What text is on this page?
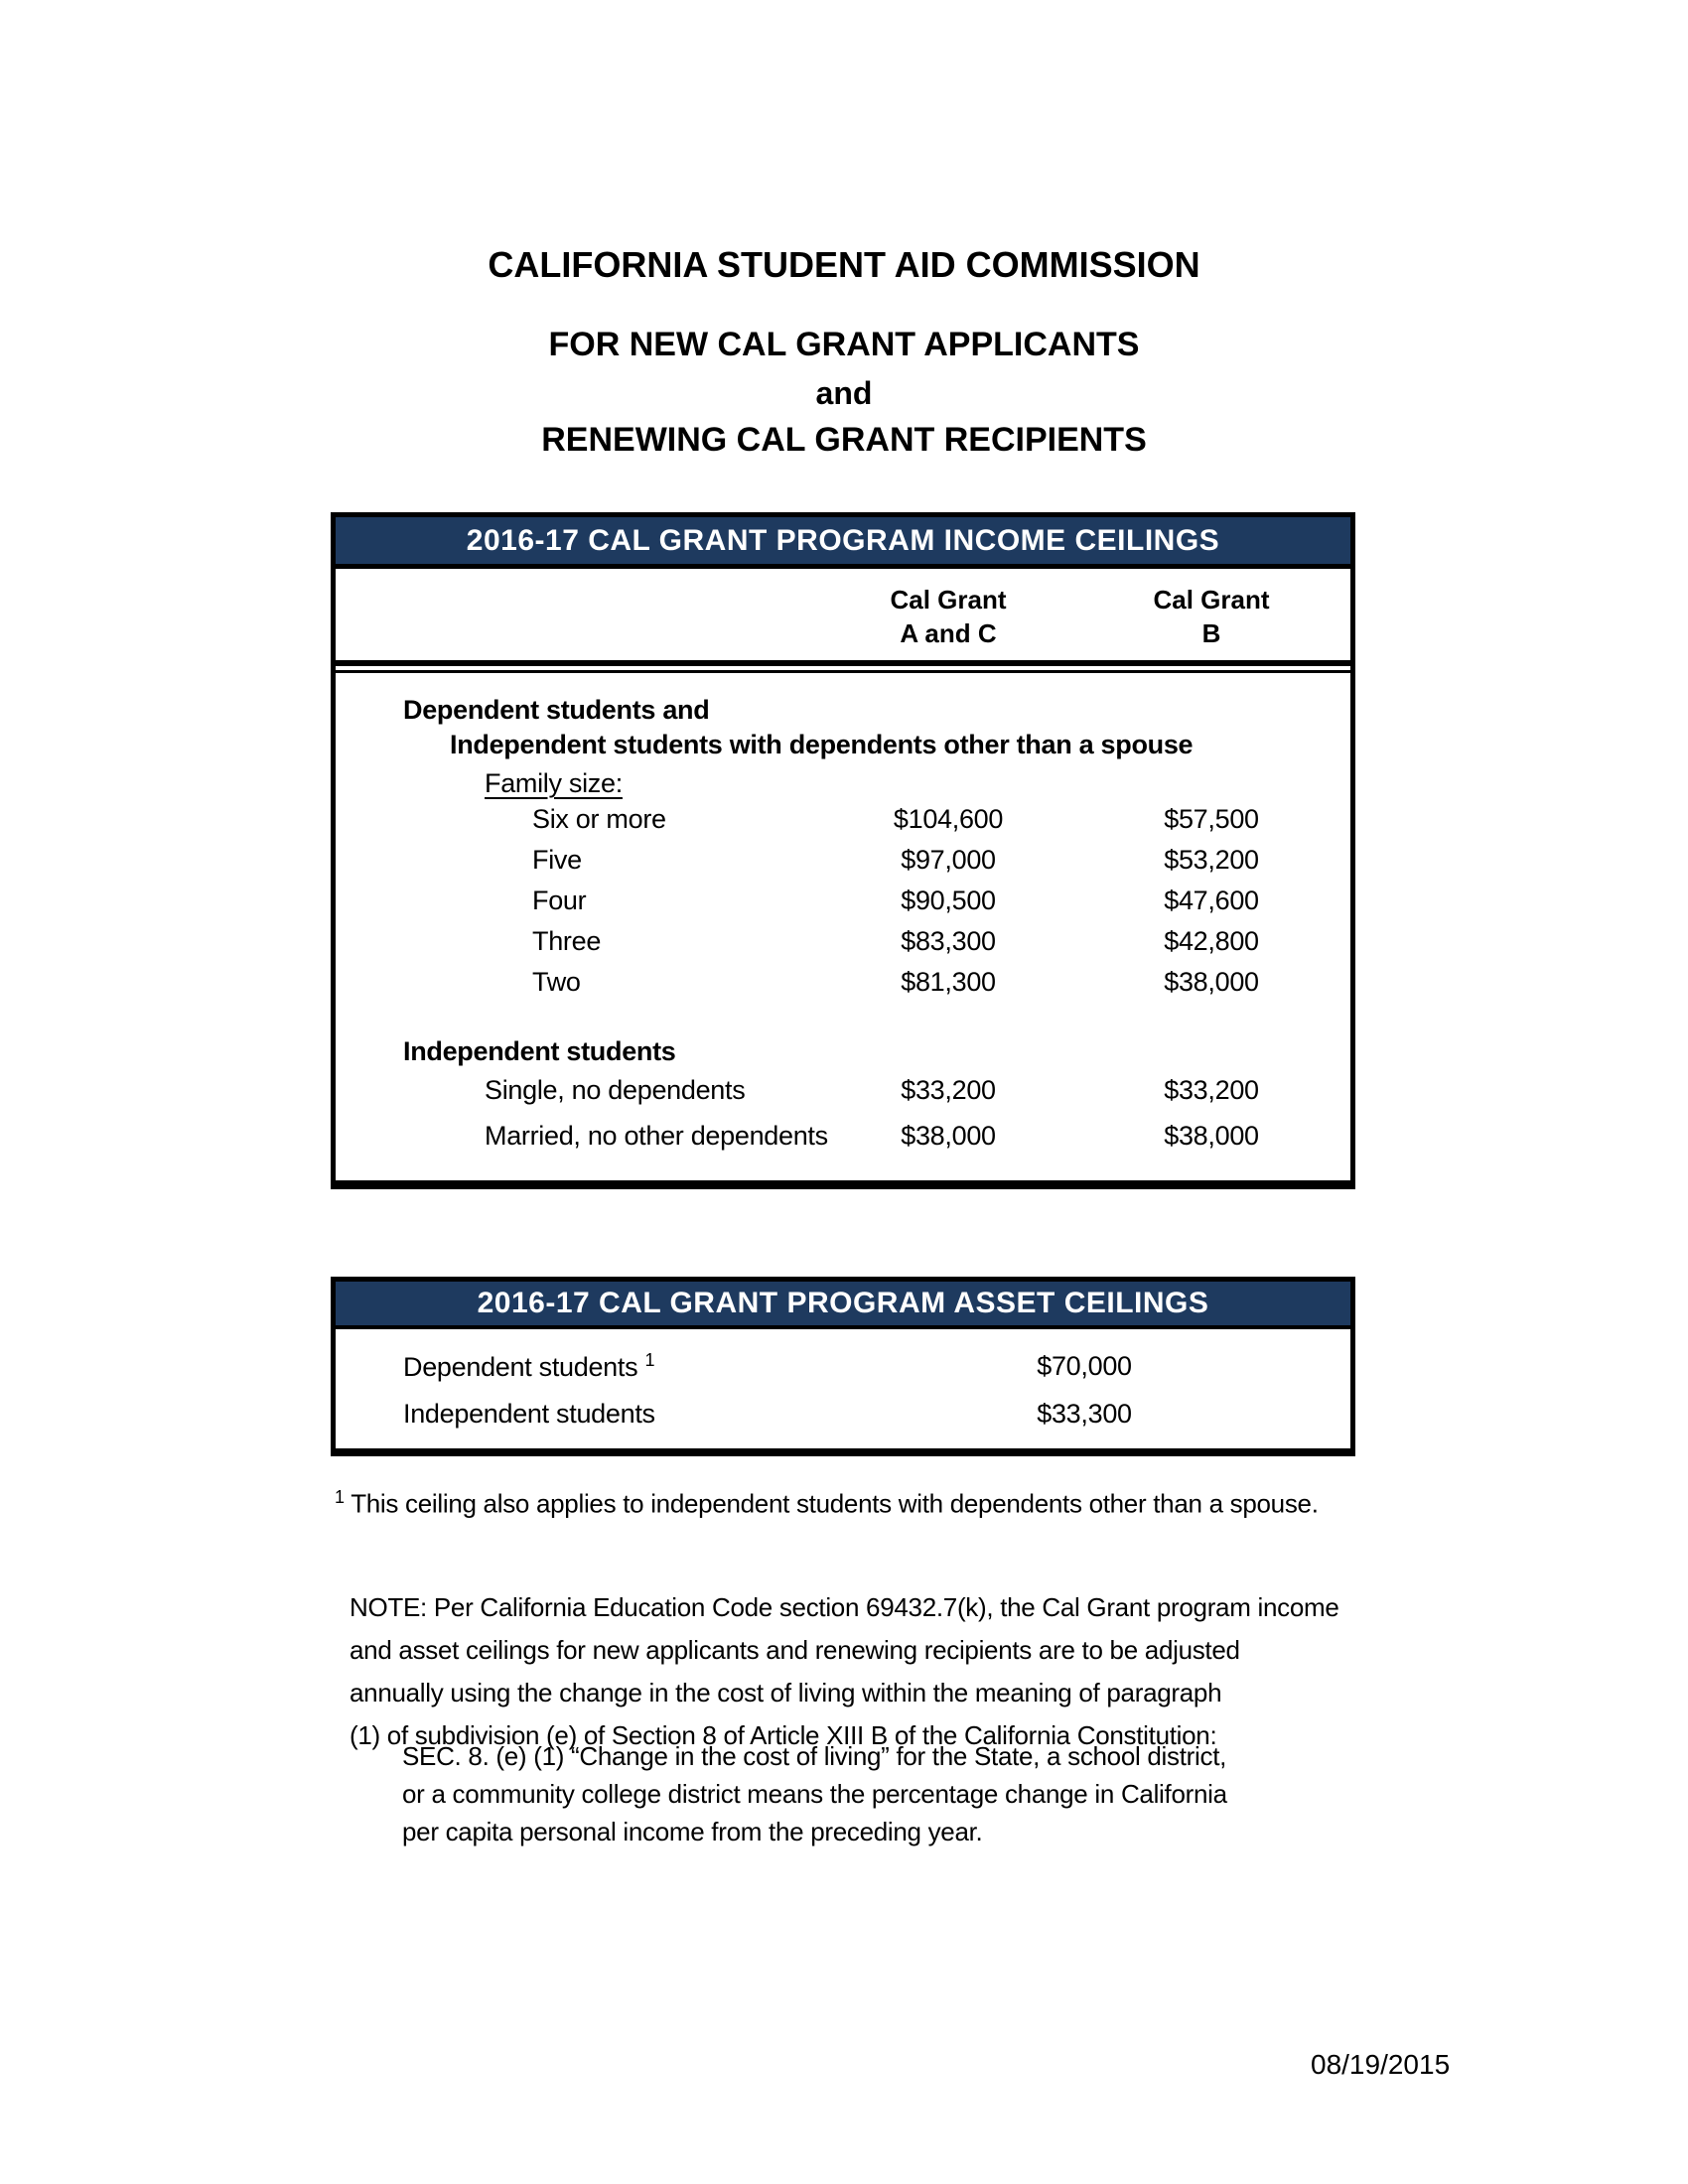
CALIFORNIA STUDENT AID COMMISSION
FOR NEW CAL GRANT APPLICANTS
and
RENEWING CAL GRANT RECIPIENTS
2016-17 CAL GRANT PROGRAM INCOME CEILINGS
Cal Grant
A and C
Cal Grant
B
Dependent students and
Independent students with dependents other than a spouse
Family size:
Six or more	$104,600	$57,500
Five	$97,000	$53,200
Four	$90,500	$47,600
Three	$83,300	$42,800
Two	$81,300	$38,000
Independent students
Single, no dependents	$33,200	$33,200
Married, no other dependents	$38,000	$38,000
2016-17 CAL GRANT PROGRAM ASSET CEILINGS
Dependent students $^1$	$70,000
Independent students	$33,300
$^1$ This ceiling also applies to independent students with dependents other than a spouse.
NOTE: Per California Education Code section 69432.7(k), the Cal Grant program income
and asset ceilings for new applicants and renewing recipients are to be adjusted
annually using the change in the cost of living within the meaning of paragraph
(1) of subdivision (e) of Section 8 of Article XIII B of the California Constitution:
SEC. 8. (e) (1) “Change in the cost of living” for the State, a school district,
or a community college district means the percentage change in California
per capita personal income from the preceding year.
08/19/2015
